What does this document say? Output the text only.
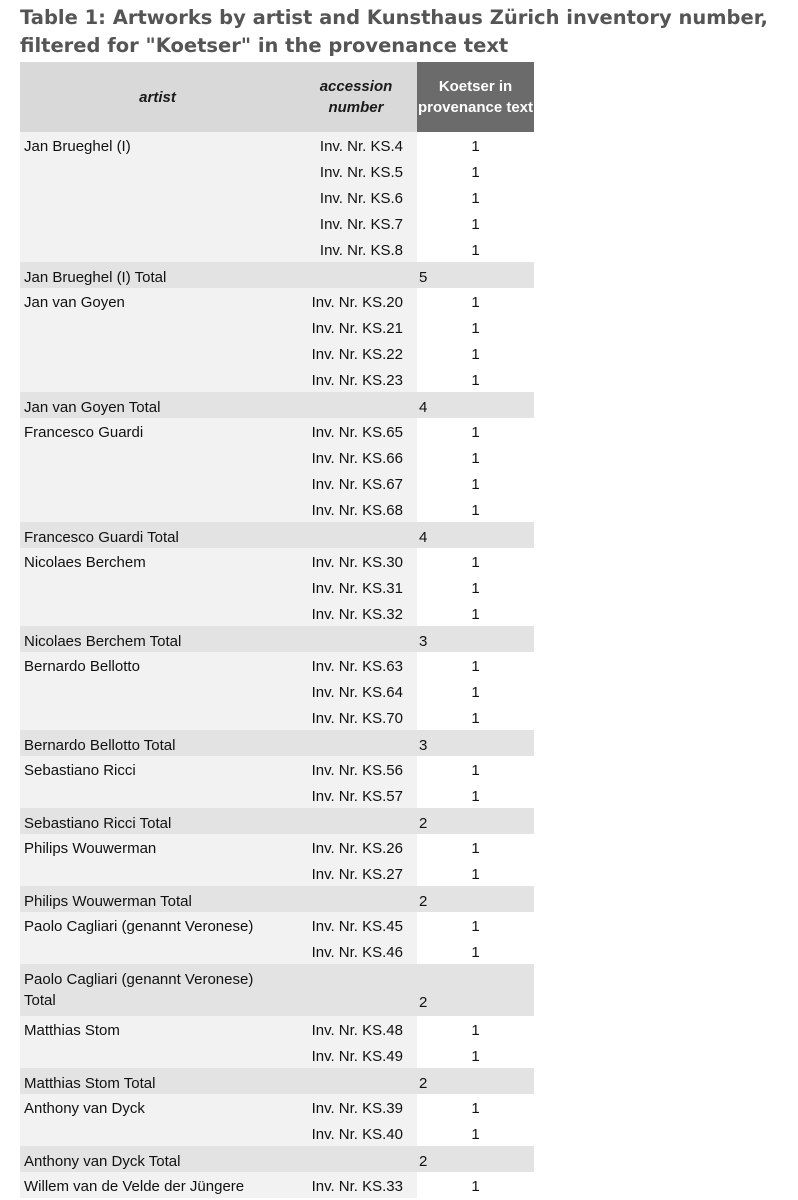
Table 1: Artworks by artist and Kunsthaus Zürich inventory number, filtered for "Koetser" in the provenance text
artist	accession number	Koetser in provenance text
Jan Brueghel (I)	Inv. Nr. KS.4	1
	Inv. Nr. KS.5	1
	Inv. Nr. KS.6	1
	Inv. Nr. KS.7	1
	Inv. Nr. KS.8	1
Jan Brueghel (I) Total		5
Jan van Goyen	Inv. Nr. KS.20	1
	Inv. Nr. KS.21	1
	Inv. Nr. KS.22	1
	Inv. Nr. KS.23	1
Jan van Goyen Total		4
Francesco Guardi	Inv. Nr. KS.65	1
	Inv. Nr. KS.66	1
	Inv. Nr. KS.67	1
	Inv. Nr. KS.68	1
Francesco Guardi Total		4
Nicolaes Berchem	Inv. Nr. KS.30	1
	Inv. Nr. KS.31	1
	Inv. Nr. KS.32	1
Nicolaes Berchem Total		3
Bernardo Bellotto	Inv. Nr. KS.63	1
	Inv. Nr. KS.64	1
	Inv. Nr. KS.70	1
Bernardo Bellotto Total		3
Sebastiano Ricci	Inv. Nr. KS.56	1
	Inv. Nr. KS.57	1
Sebastiano Ricci Total		2
Philips Wouwerman	Inv. Nr. KS.26	1
	Inv. Nr. KS.27	1
Philips Wouwerman Total		2
Paolo Cagliari (genannt Veronese)	Inv. Nr. KS.45	1
	Inv. Nr. KS.46	1
Paolo Cagliari (genannt Veronese) Total		2
Matthias Stom	Inv. Nr. KS.48	1
	Inv. Nr. KS.49	1
Matthias Stom Total		2
Anthony van Dyck	Inv. Nr. KS.39	1
	Inv. Nr. KS.40	1
Anthony van Dyck Total		2
Willem van de Velde der Jüngere	Inv. Nr. KS.33	1
